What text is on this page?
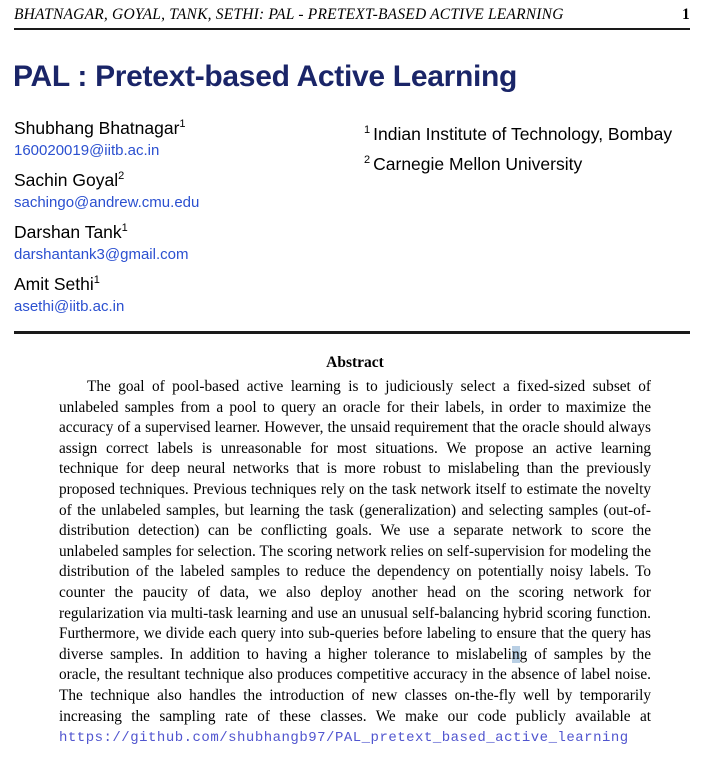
BHATNAGAR, GOYAL, TANK, SETHI: PAL - PRETEXT-BASED ACTIVE LEARNING	1
PAL : Pretext-based Active Learning
Shubhang Bhatnagar$^1$
160020019@iitb.ac.in
Sachin Goyal$^2$
sachingo@andrew.cmu.edu
Darshan Tank$^1$
darshantank3@gmail.com
Amit Sethi$^1$
asethi@iitb.ac.in
$^1$ Indian Institute of Technology, Bombay
$^2$ Carnegie Mellon University
Abstract

The goal of pool-based active learning is to judiciously select a fixed-sized subset of unlabeled samples from a pool to query an oracle for their labels, in order to maximize the accuracy of a supervised learner. However, the unsaid requirement that the oracle should always assign correct labels is unreasonable for most situations. We propose an active learning technique for deep neural networks that is more robust to mislabeling than the previously proposed techniques. Previous techniques rely on the task network itself to estimate the novelty of the unlabeled samples, but learning the task (generalization) and selecting samples (out-of-distribution detection) can be conflicting goals. We use a separate network to score the unlabeled samples for selection. The scoring network relies on self-supervision for modeling the distribution of the labeled samples to reduce the dependency on potentially noisy labels. To counter the paucity of data, we also deploy another head on the scoring network for regularization via multi-task learning and use an unusual self-balancing hybrid scoring function. Furthermore, we divide each query into sub-queries before labeling to ensure that the query has diverse samples. In addition to having a higher tolerance to mislabeling of samples by the oracle, the resultant technique also produces competitive accuracy in the absence of label noise. The technique also handles the introduction of new classes on-the-fly well by temporarily increasing the sampling rate of these classes. We make our code publicly available at https://github.com/shubhangb97/PAL_pretext_based_active_learning
